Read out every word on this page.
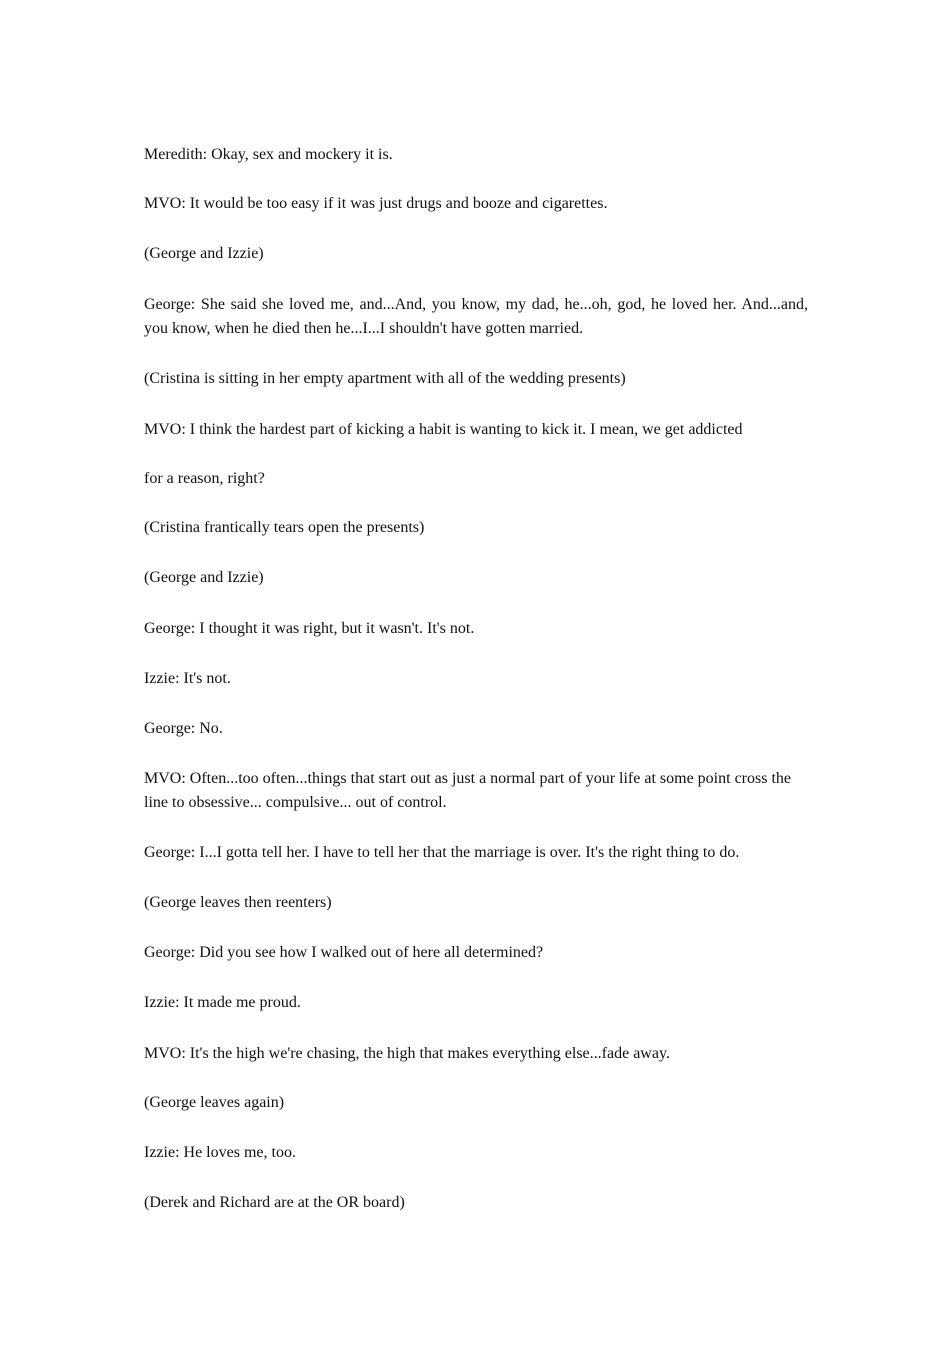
Meredith: Okay, sex and mockery it is.

MVO: It would be too easy if it was just drugs and booze and cigarettes.

(George and Izzie)

George: She said she loved me, and...And, you know, my dad, he...oh, god, he loved her. And...and, you know, when he died then he...I...I shouldn't have gotten married.

(Cristina is sitting in her empty apartment with all of the wedding presents)

MVO: I think the hardest part of kicking a habit is wanting to kick it. I mean, we get addicted

for a reason, right?

(Cristina frantically tears open the presents)

(George and Izzie)

George: I thought it was right, but it wasn't. It's not.

Izzie: It's not.

George: No.

MVO: Often...too often...things that start out as just a normal part of your life at some point cross the line to obsessive... compulsive... out of control.

George: I...I gotta tell her. I have to tell her that the marriage is over. It's the right thing to do.

(George leaves then reenters)

George: Did you see how I walked out of here all determined?

Izzie: It made me proud.

MVO: It's the high we're chasing, the high that makes everything else...fade away.

(George leaves again)

Izzie: He loves me, too.

(Derek and Richard are at the OR board)
